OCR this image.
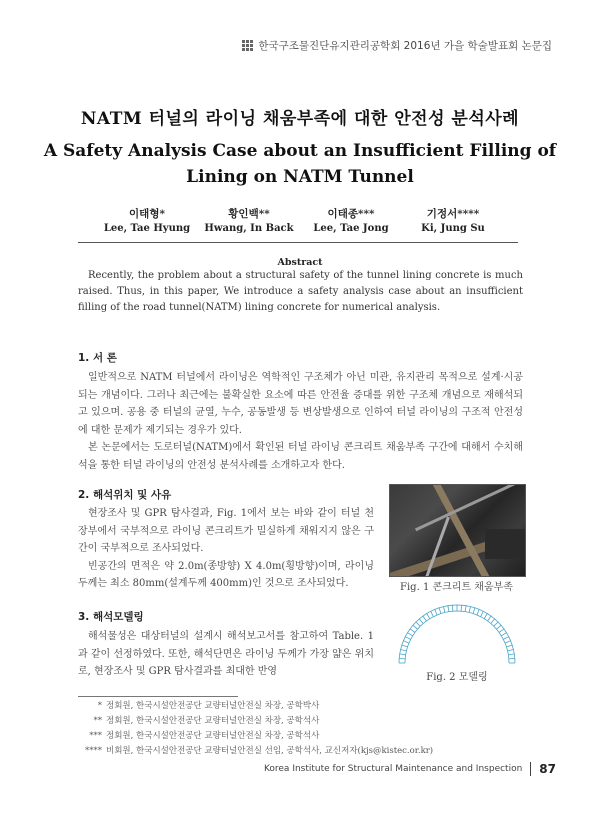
한국구조물진단유지관리공학회 2016년 가을 학술발표회 논문집
NATM 터널의 라이닝 채움부족에 대한 안전성 분석사례
A Safety Analysis Case about an Insufficient Filling of
Lining on NATM Tunnel
이태형*	황인백**	이태종***	기정서****
Lee, Tae Hyung	Hwang, In Back	Lee, Tae Jong	Ki, Jung Su
Abstract
Recently, the problem about a structural safety of the tunnel lining concrete is much raised. Thus, in this paper, We introduce a safety analysis case about an insufficient filling of the road tunnel(NATM) lining concrete for numerical analysis.
1. 서 론

일반적으로 NATM 터널에서 라이닝은 역학적인 구조체가 아닌 미관, 유지관리 목적으로 설계·시공되는 개념이다. 그러나 최근에는 불확실한 요소에 따른 안전율 증대를 위한 구조체 개념으로 재해석되고 있으며. 공용 중 터널의 균열, 누수, 공동발생 등 변상발생으로 인하여 터널 라이닝의 구조적 안전성에 대한 문제가 제기되는 경우가 있다.

본 논문에서는 도로터널(NATM)에서 확인된 터널 라이닝 콘크리트 채움부족 구간에 대해서 수치해석을 통한 터널 라이닝의 안전성 분석사례를 소개하고자 한다.

2. 해석위치 및 사유

현장조사 및 GPR 탐사결과, Fig. 1에서 보는 바와 같이 터널 천장부에서 국부적으로 라이닝 콘크리트가 밀실하게 채워지지 않은 구간이 국부적으로 조사되었다.

빈공간의 면적은 약 2.0m(종방향) X 4.0m(횡방향)이며, 라이닝 두께는 최소 80mm(설계두께 400mm)인 것으로 조사되었다.	Fig. 1 콘크리트 채움부족
3. 해석모델링

해석물성은 대상터널의 설계시 해석보고서를 참고하여 Table. 1과 같이 선정하였다. 또한, 해석단면은 라이닝 두께가 가장 얇은 위치로, 현장조사 및 GPR 탐사결과를 최대한 반영

Fig. 2 모델링
* 정회원, 한국시설안전공단 교량터널안전실 차장, 공학박사
** 정회원, 한국시설안전공단 교량터널안전실 차장, 공학석사
*** 정회원, 한국시설안전공단 교량터널안전실 차장, 공학석사
**** 비회원, 한국시설안전공단 교량터널안전실 선임, 공학석사, 교신저자(kjs@kistec.or.kr)
Korea Institute for Structural Maintenance and Inspection 87
